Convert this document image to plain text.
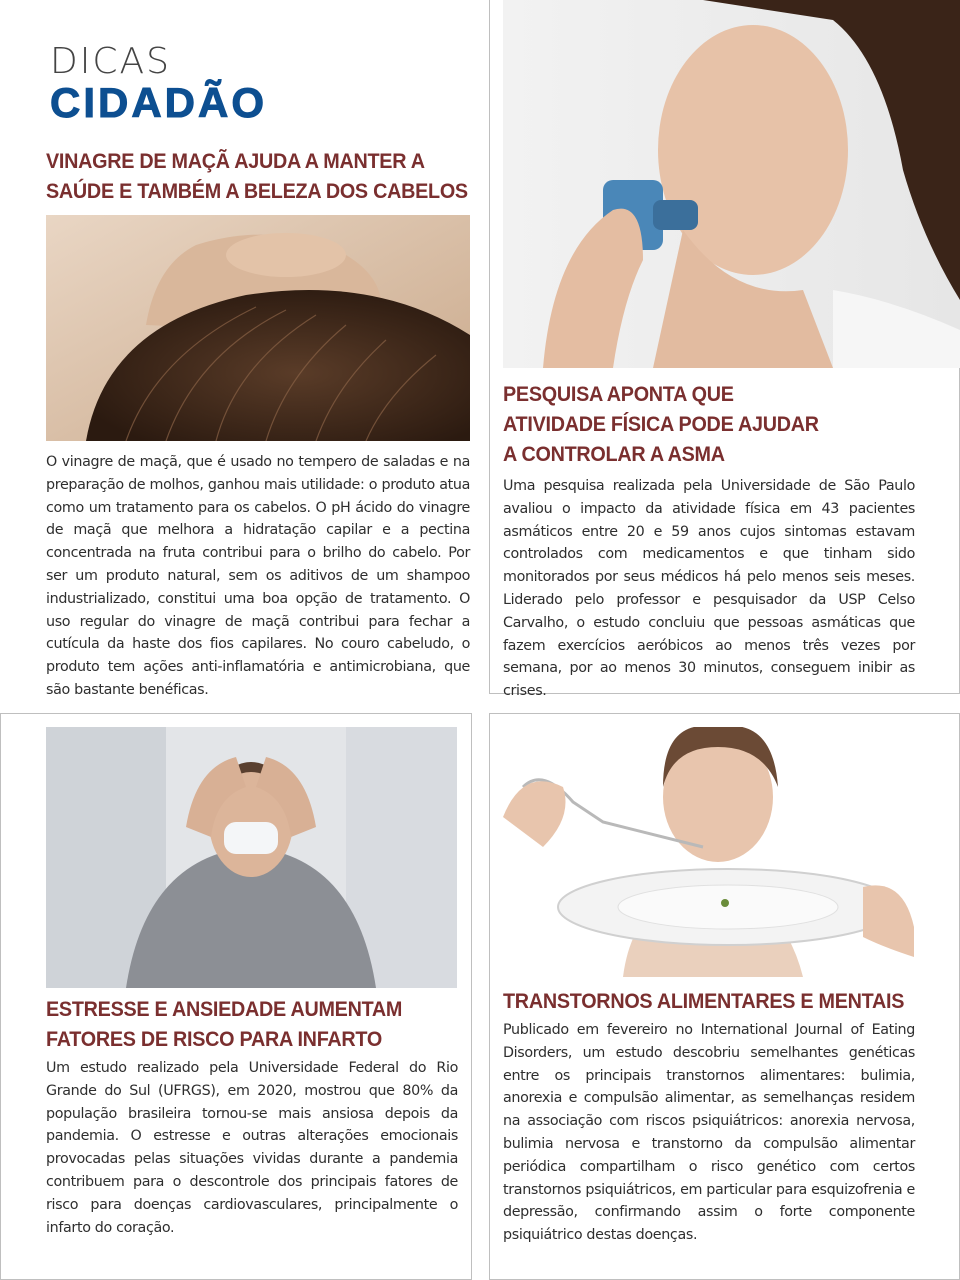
DICAS
CIDADÃO
VINAGRE DE MAÇÃ AJUDA A MANTER A
SAÚDE E TAMBÉM A BELEZA DOS CABELOS

O vinagre de maçã, que é usado no tempero de saladas e na preparação de molhos, ganhou mais utilidade: o produto atua como um tratamento para os cabelos. O pH ácido do vinagre de maçã que melhora a hidratação capilar e a pectina concentrada na fruta contribui para o brilho do cabelo. Por ser um produto natural, sem os aditivos de um shampoo industrializado, constitui uma boa opção de tratamento. O uso regular do vinagre de maçã contribui para fechar a cutícula da haste dos fios capilares. No couro cabeludo, o produto tem ações anti-inflamatória e antimicrobiana, que são bastante benéficas.

PESQUISA APONTA QUE
ATIVIDADE FÍSICA PODE AJUDAR
A CONTROLAR A ASMA

Uma pesquisa realizada pela Universidade de São Paulo avaliou o impacto da atividade física em 43 pacientes asmáticos entre 20 e 59 anos cujos sintomas estavam controlados com medicamentos e que tinham sido monitorados por seus médicos há pelo menos seis meses. Liderado pelo professor e pesquisador da USP Celso Carvalho, o estudo concluiu que pessoas asmáticas que fazem exercícios aeróbicos ao menos três vezes por semana, por ao menos 30 minutos, conseguem inibir as crises.

ESTRESSE E ANSIEDADE AUMENTAM
FATORES DE RISCO PARA INFARTO

Um estudo realizado pela Universidade Federal do Rio Grande do Sul (UFRGS), em 2020, mostrou que 80% da população brasileira tornou-se mais ansiosa depois da pandemia. O estresse e outras alterações emocionais provocadas pelas situações vividas durante a pandemia contribuem para o descontrole dos principais fatores de risco para doenças cardiovasculares, principalmente o infarto do coração.

TRANSTORNOS ALIMENTARES E MENTAIS

Publicado em fevereiro no International Journal of Eating Disorders, um estudo descobriu semelhantes genéticas entre os principais transtornos alimentares: bulimia, anorexia e compulsão alimentar, as semelhanças residem na associação com riscos psiquiátricos: anorexia nervosa, bulimia nervosa e transtorno da compulsão alimentar periódica compartilham o risco genético com certos transtornos psiquiátricos, em particular para esquizofrenia e depressão, confirmando assim o forte componente psiquiátrico destas doenças.
